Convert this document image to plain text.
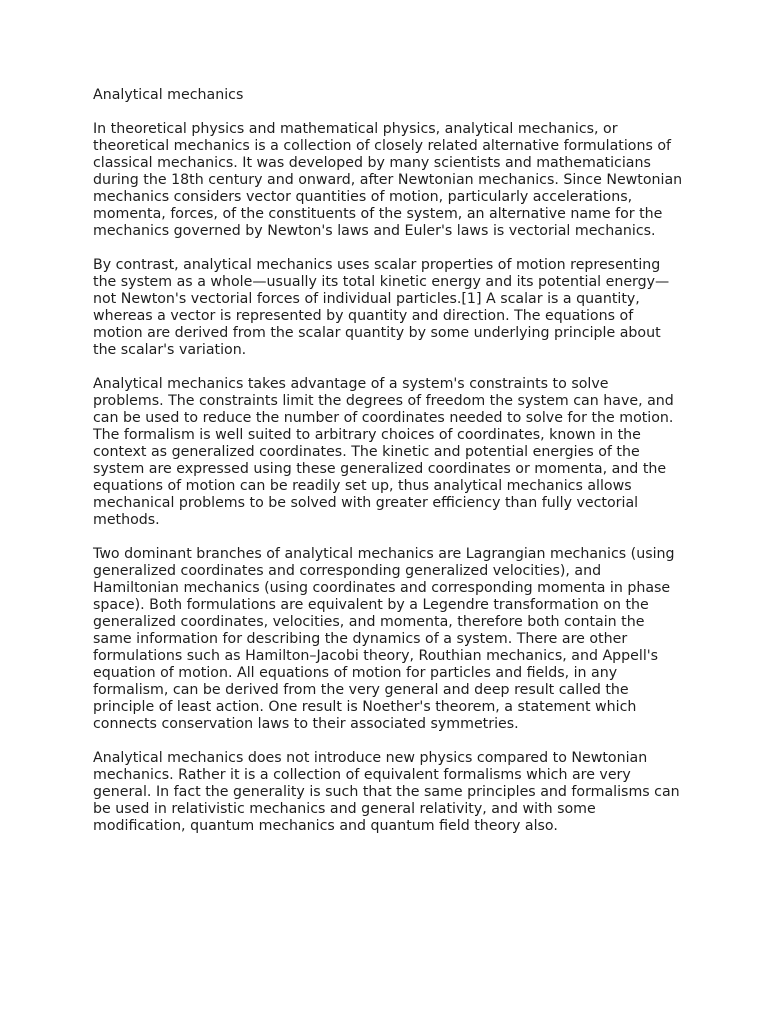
Analytical mechanics

In theoretical physics and mathematical physics, analytical mechanics, or theoretical mechanics is a collection of closely related alternative formulations of classical mechanics. It was developed by many scientists and mathematicians during the 18th century and onward, after Newtonian mechanics. Since Newtonian mechanics considers vector quantities of motion, particularly accelerations, momenta, forces, of the constituents of the system, an alternative name for the mechanics governed by Newton's laws and Euler's laws is vectorial mechanics.

By contrast, analytical mechanics uses scalar properties of motion representing the system as a whole—usually its total kinetic energy and its potential energy—not Newton's vectorial forces of individual particles.[1] A scalar is a quantity, whereas a vector is represented by quantity and direction. The equations of motion are derived from the scalar quantity by some underlying principle about the scalar's variation.

Analytical mechanics takes advantage of a system's constraints to solve problems. The constraints limit the degrees of freedom the system can have, and can be used to reduce the number of coordinates needed to solve for the motion. The formalism is well suited to arbitrary choices of coordinates, known in the context as generalized coordinates. The kinetic and potential energies of the system are expressed using these generalized coordinates or momenta, and the equations of motion can be readily set up, thus analytical mechanics allows mechanical problems to be solved with greater efficiency than fully vectorial methods.

Two dominant branches of analytical mechanics are Lagrangian mechanics (using generalized coordinates and corresponding generalized velocities), and Hamiltonian mechanics (using coordinates and corresponding momenta in phase space). Both formulations are equivalent by a Legendre transformation on the generalized coordinates, velocities, and momenta, therefore both contain the same information for describing the dynamics of a system. There are other formulations such as Hamilton–Jacobi theory, Routhian mechanics, and Appell's equation of motion. All equations of motion for particles and fields, in any formalism, can be derived from the very general and deep result called the principle of least action. One result is Noether's theorem, a statement which connects conservation laws to their associated symmetries.

Analytical mechanics does not introduce new physics compared to Newtonian mechanics. Rather it is a collection of equivalent formalisms which are very general. In fact the generality is such that the same principles and formalisms can be used in relativistic mechanics and general relativity, and with some modification, quantum mechanics and quantum field theory also.
